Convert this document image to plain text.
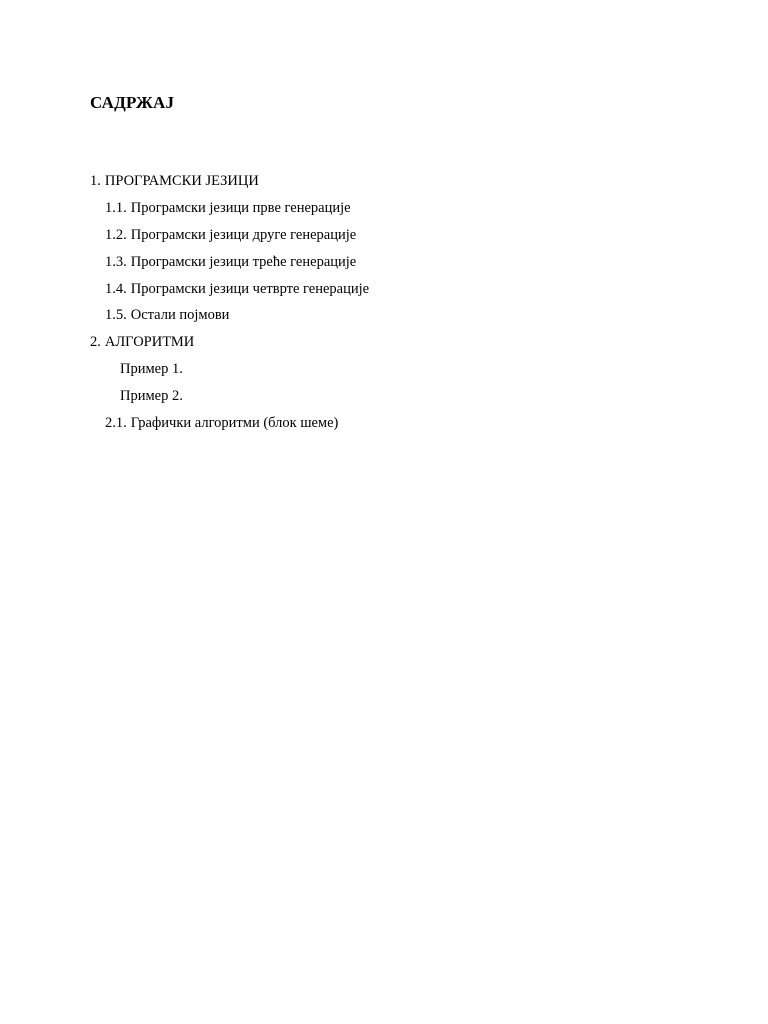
САДРЖАЈ
1. ПРОГРАМСКИ ЈЕЗИЦИ
1.1. Програмски језици прве генерације
1.2. Програмски језици друге генерације
1.3. Програмски језици треће генерације
1.4. Програмски језици четврте генерације
1.5. Остали појмови
2. АЛГОРИТМИ
Пример 1.
Пример 2.
2.1. Графички алгоритми (блок шеме)
